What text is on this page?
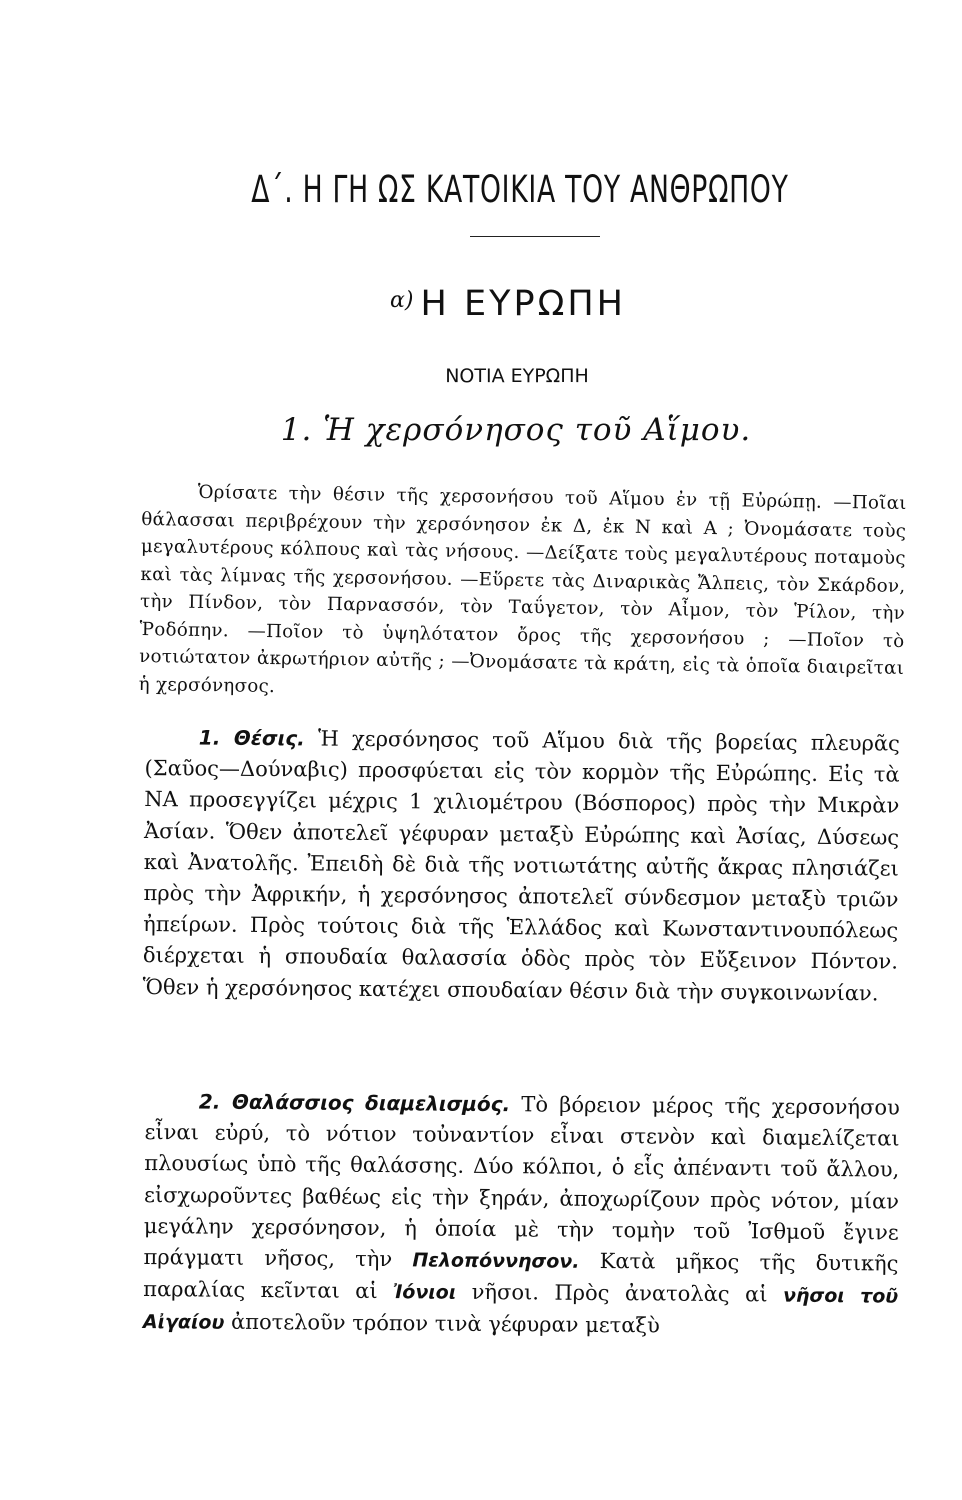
Δ΄. Η ΓΗ ΩΣ ΚΑΤΟΙΚΙΑ ΤΟΥ ΑΝΘΡΩΠΟΥ
α) Η ΕΥΡΩΠΗ
ΝΟΤΙΑ ΕΥΡΩΠΗ
1. Ἡ χερσόνησος τοῦ Αἵμου.
Ὁρίσατε τὴν θέσιν τῆς χερσονήσου τοῦ Αἵμου ἐν τῇ Εὐρώπῃ. —Ποῖαι θάλασσαι περιβρέχουν τὴν χερσόνησον ἐκ Δ, ἐκ Ν καὶ Α ; Ὀνομάσατε τοὺς μεγαλυτέρους κόλπους καὶ τὰς νήσους. —Δείξατε τοὺς μεγαλυτέρους ποταμοὺς καὶ τὰς λίμνας τῆς χερσονήσου. —Εὕρετε τὰς Διναρικὰς Ἄλπεις, τὸν Σκάρδον, τὴν Πίνδον, τὸν Παρνασσόν, τὸν Ταΰγετον, τὸν Αἶμον, τὸν Ῥίλον, τὴν Ῥοδόπην. —Ποῖον τὸ ὑψηλότατον ὄρος τῆς χερσονήσου ; —Ποῖον τὸ νοτιώτατον ἀκρωτήριον αὐτῆς ; —Ὀνομάσατε τὰ κράτη, εἰς τὰ ὁποῖα διαιρεῖται ἡ χερσόνησος.
1. Θέσις. Ἡ χερσόνησος τοῦ Αἵμου διὰ τῆς βορείας πλευρᾶς (Σαῦος—Δούναβις) προσφύεται εἰς τὸν κορμὸν τῆς Εὐρώπης. Εἰς τὰ ΝΑ προσεγγίζει μέχρις 1 χιλιομέτρου (Βόσπορος) πρὸς τὴν Μικρὰν Ἀσίαν. Ὅθεν ἀποτελεῖ γέφυραν μεταξὺ Εὐρώπης καὶ Ἀσίας, Δύσεως καὶ Ἀνατολῆς. Ἐπειδὴ δὲ διὰ τῆς νοτιωτάτης αὐτῆς ἄκρας πλησιάζει πρὸς τὴν Ἀφρικήν, ἡ χερσόνησος ἀποτελεῖ σύνδεσμον μεταξὺ τριῶν ἠπείρων. Πρὸς τούτοις διὰ τῆς Ἑλλάδος καὶ Κωνσταντινουπόλεως διέρχεται ἡ σπουδαία θαλασσία ὁδὸς πρὸς τὸν Εὔξεινον Πόντον. Ὅθεν ἡ χερσόνησος κατέχει σπουδαίαν θέσιν διὰ τὴν συγκοινωνίαν.
2. Θαλάσσιος διαμελισμός. Τὸ βόρειον μέρος τῆς χερσονήσου εἶναι εὐρύ, τὸ νότιον τοὐναντίον εἶναι στενὸν καὶ διαμελίζεται πλουσίως ὑπὸ τῆς θαλάσσης. Δύο κόλποι, ὁ εἷς ἀπέναντι τοῦ ἄλλου, εἰσχωροῦντες βαθέως εἰς τὴν ξηράν, ἀποχωρίζουν πρὸς νότον, μίαν μεγάλην χερσόνησον, ἡ ὁποία μὲ τὴν τομὴν τοῦ Ἰσθμοῦ ἔγινε πράγματι νῆσος, τὴν Πελοπόννησον. Κατὰ μῆκος τῆς δυτικῆς παραλίας κεῖνται αἱ Ἰόνιοι νῆσοι. Πρὸς ἀνατολὰς αἱ νῆσοι τοῦ Αἰγαίου ἀποτελοῦν τρόπον τινὰ γέφυραν μεταξὺ
